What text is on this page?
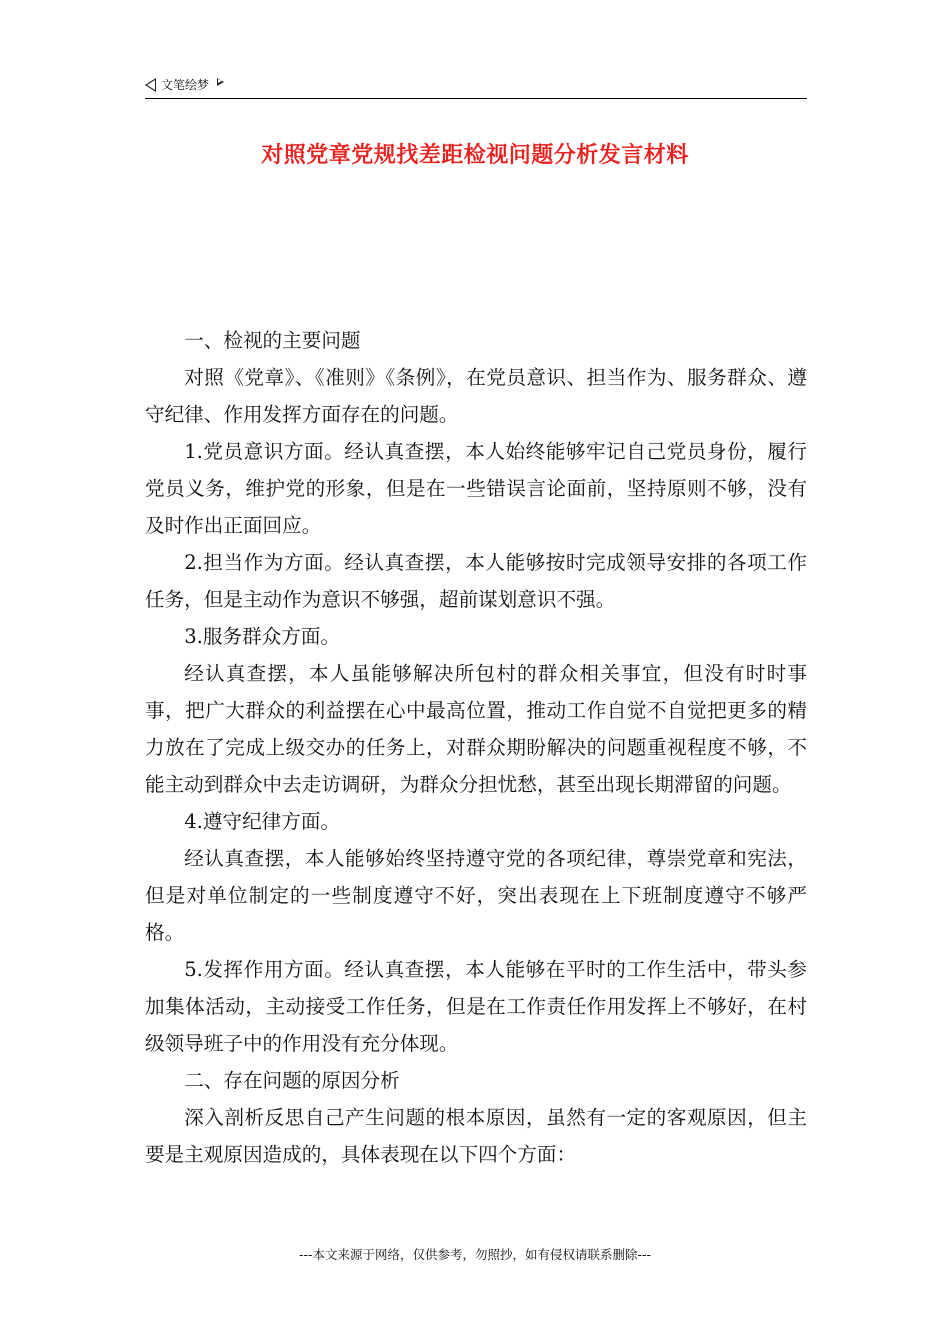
文笔绘梦
对照党章党规找差距检视问题分析发言材料

一、检视的主要问题

对照《党章》、《准则》《条例》，在党员意识、担当作为、服务群众、遵守纪律、作用发挥方面存在的问题。

1.党员意识方面。经认真查摆，本人始终能够牢记自己党员身份，履行党员义务，维护党的形象，但是在一些错误言论面前，坚持原则不够，没有及时作出正面回应。

2.担当作为方面。经认真查摆，本人能够按时完成领导安排的各项工作任务，但是主动作为意识不够强，超前谋划意识不强。

3.服务群众方面。

经认真查摆，本人虽能够解决所包村的群众相关事宜，但没有时时事事，把广大群众的利益摆在心中最高位置，推动工作自觉不自觉把更多的精力放在了完成上级交办的任务上，对群众期盼解决的问题重视程度不够，不能主动到群众中去走访调研，为群众分担忧愁，甚至出现长期滞留的问题。

4.遵守纪律方面。

经认真查摆，本人能够始终坚持遵守党的各项纪律，尊崇党章和宪法，但是对单位制定的一些制度遵守不好，突出表现在上下班制度遵守不够严格。

5.发挥作用方面。经认真查摆，本人能够在平时的工作生活中，带头参加集体活动，主动接受工作任务，但是在工作责任作用发挥上不够好，在村级领导班子中的作用没有充分体现。

二、存在问题的原因分析

深入剖析反思自己产生问题的根本原因，虽然有一定的客观原因，但主要是主观原因造成的，具体表现在以下四个方面：

---本文来源于网络，仅供参考，勿照抄，如有侵权请联系删除---
